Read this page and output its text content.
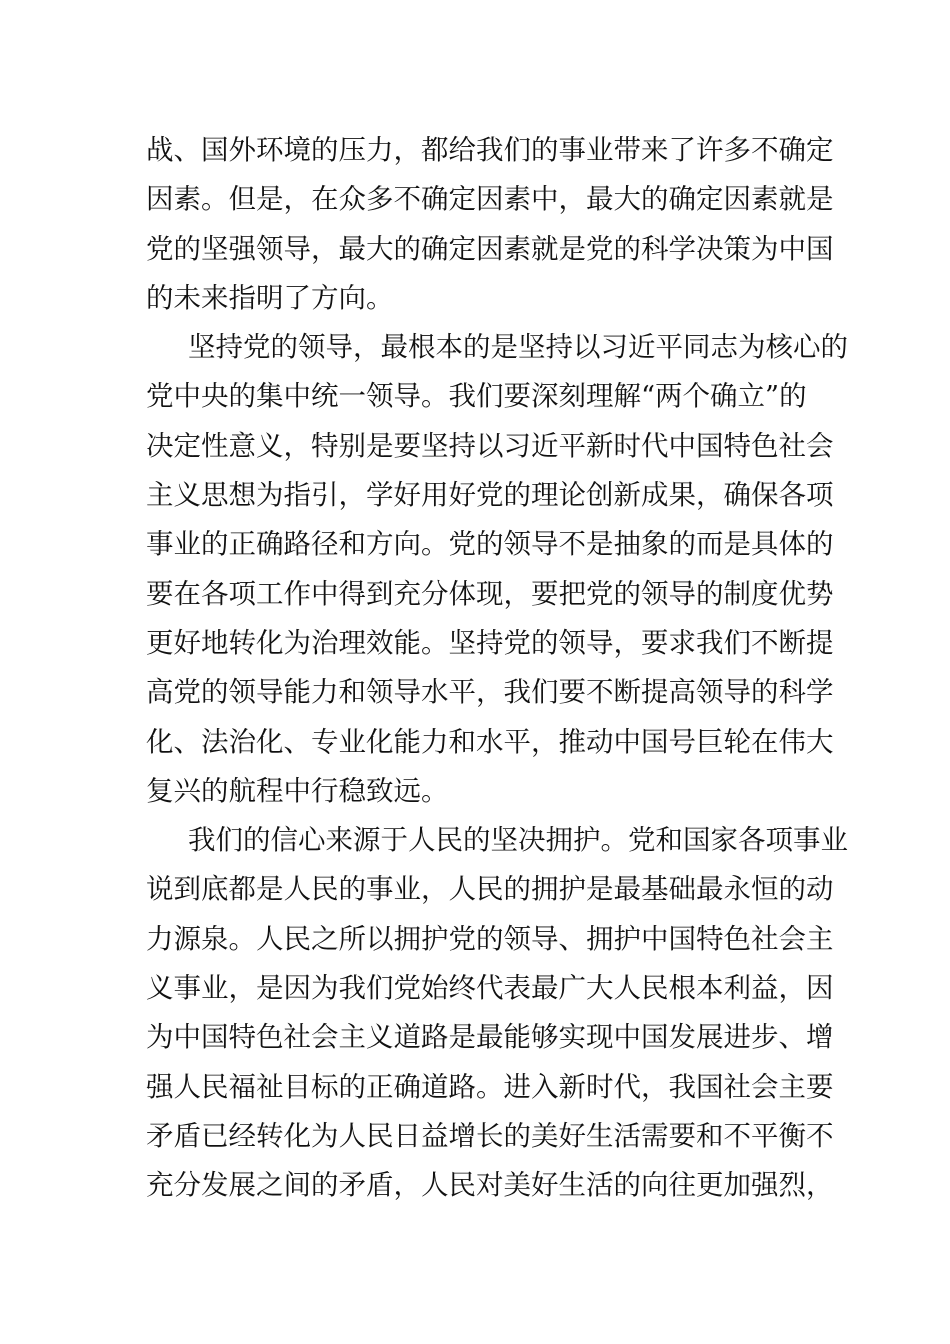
战、国外环境的压力，都给我们的事业带来了许多不确定
因素。但是，在众多不确定因素中，最大的确定因素就是
党的坚强领导，最大的确定因素就是党的科学决策为中国
的未来指明了方向。
坚持党的领导，最根本的是坚持以习近平同志为核心的
党中央的集中统一领导。我们要深刻理解“两个确立”的
决定性意义，特别是要坚持以习近平新时代中国特色社会
主义思想为指引，学好用好党的理论创新成果，确保各项
事业的正确路径和方向。党的领导不是抽象的而是具体的
要在各项工作中得到充分体现，要把党的领导的制度优势
更好地转化为治理效能。坚持党的领导，要求我们不断提
高党的领导能力和领导水平，我们要不断提高领导的科学
化、法治化、专业化能力和水平，推动中国号巨轮在伟大
复兴的航程中行稳致远。
我们的信心来源于人民的坚决拥护。党和国家各项事业
说到底都是人民的事业，人民的拥护是最基础最永恒的动
力源泉。人民之所以拥护党的领导、拥护中国特色社会主
义事业，是因为我们党始终代表最广大人民根本利益，因
为中国特色社会主义道路是最能够实现中国发展进步、增
强人民福祉目标的正确道路。进入新时代，我国社会主要
矛盾已经转化为人民日益增长的美好生活需要和不平衡不
充分发展之间的矛盾，人民对美好生活的向往更加强烈，
